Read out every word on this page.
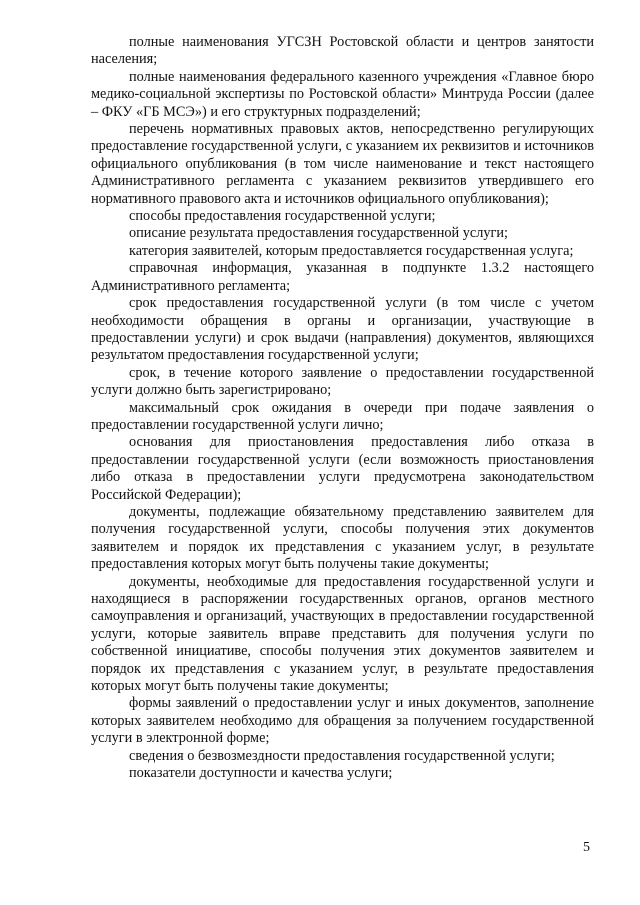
полные наименования УГСЗН Ростовской области и центров занятости населения;

полные наименования федерального казенного учреждения «Главное бюро медико-социальной экспертизы по Ростовской области» Минтруда России (далее – ФКУ «ГБ МСЭ») и его структурных подразделений;

перечень нормативных правовых актов, непосредственно регулирующих предоставление государственной услуги, с указанием их реквизитов и источников официального опубликования (в том числе наименование и текст настоящего Административного регламента с указанием реквизитов утвердившего его нормативного правового акта и источников официального опубликования);

способы предоставления государственной услуги;

описание результата предоставления государственной услуги;

категория заявителей, которым предоставляется государственная услуга;

справочная информация, указанная в подпункте 1.3.2 настоящего Административного регламента;

срок предоставления государственной услуги (в том числе с учетом необходимости обращения в органы и организации, участвующие в предоставлении услуги) и срок выдачи (направления) документов, являющихся результатом предоставления государственной услуги;

срок, в течение которого заявление о предоставлении государственной услуги должно быть зарегистрировано;

максимальный срок ожидания в очереди при подаче заявления о предоставлении государственной услуги лично;

основания для приостановления предоставления либо отказа в предоставлении государственной услуги (если возможность приостановления либо отказа в предоставлении услуги предусмотрена законодательством Российской Федерации);

документы, подлежащие обязательному представлению заявителем для получения государственной услуги, способы получения этих документов заявителем и порядок их представления с указанием услуг, в результате предоставления которых могут быть получены такие документы;

документы, необходимые для предоставления государственной услуги и находящиеся в распоряжении государственных органов, органов местного самоуправления и организаций, участвующих в предоставлении государственной услуги, которые заявитель вправе представить для получения услуги по собственной инициативе, способы получения этих документов заявителем и порядок их представления с указанием услуг, в результате предоставления которых могут быть получены такие документы;

формы заявлений о предоставлении услуг и иных документов, заполнение которых заявителем необходимо для обращения за получением государственной услуги в электронной форме;

сведения о безвозмездности предоставления государственной услуги;

показатели доступности и качества услуги;

5
